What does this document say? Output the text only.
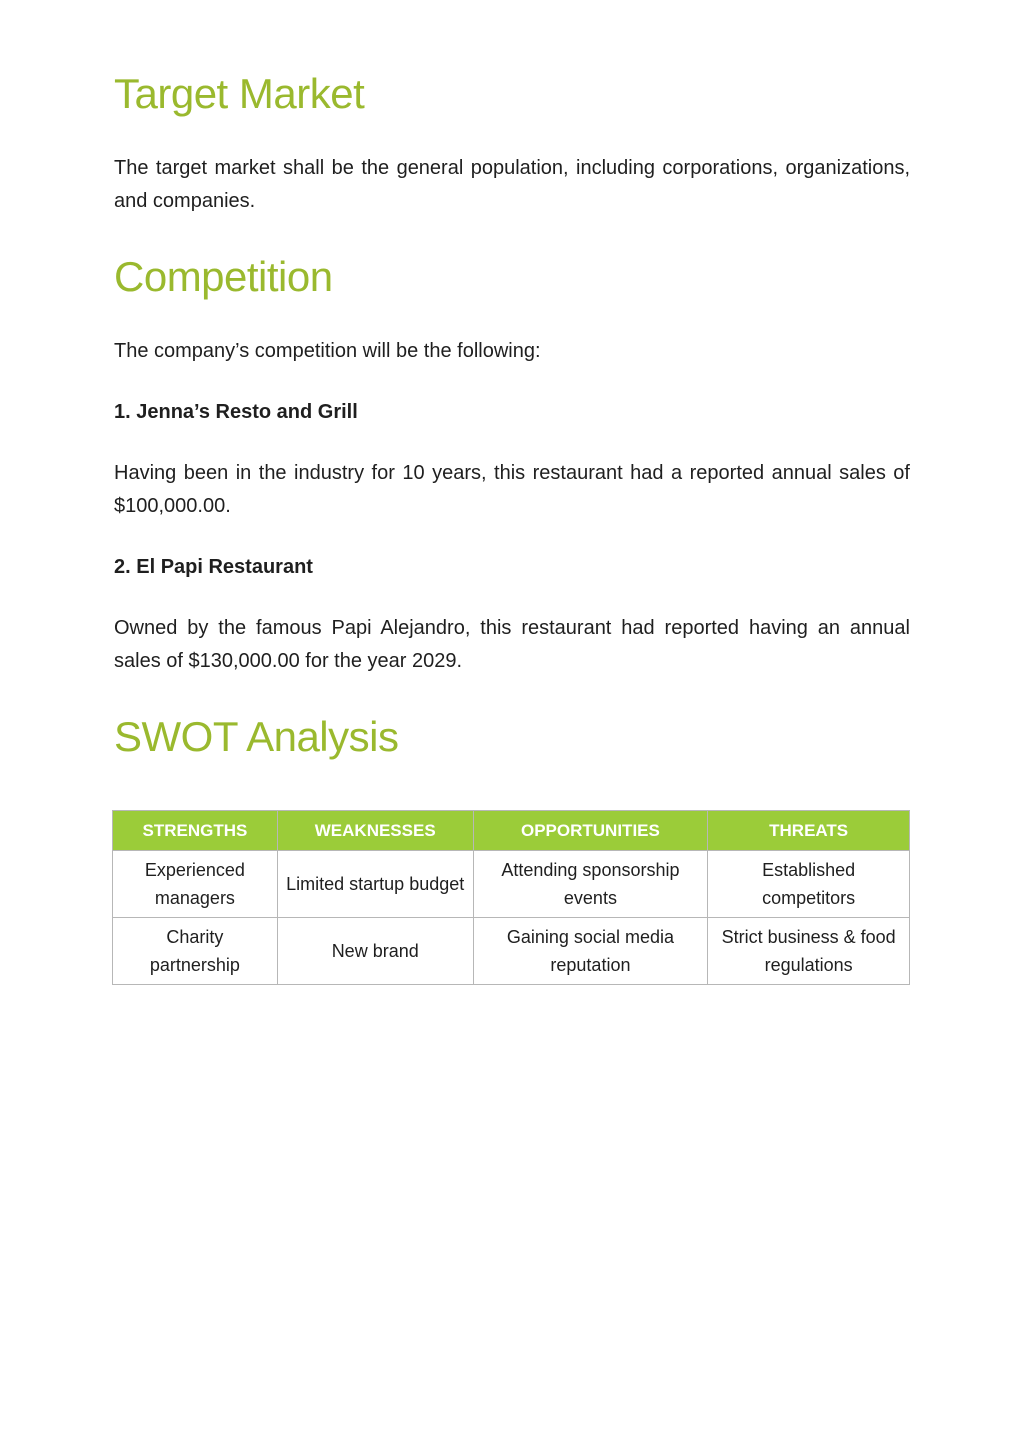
Target Market

The target market shall be the general population, including corporations, organizations, and companies.

Competition

The company’s competition will be the following:

1. Jenna’s Resto and Grill

Having been in the industry for 10 years, this restaurant had a reported annual sales of $100,000.00.

2. El Papi Restaurant

Owned by the famous Papi Alejandro, this restaurant had reported having an annual sales of $130,000.00 for the year 2029.

SWOT Analysis
STRENGTHS	WEAKNESSES	OPPORTUNITIES	THREATS
Experienced managers	Limited startup budget	Attending sponsorship events	Established competitors
Charity partnership	New brand	Gaining social media reputation	Strict business & food regulations
